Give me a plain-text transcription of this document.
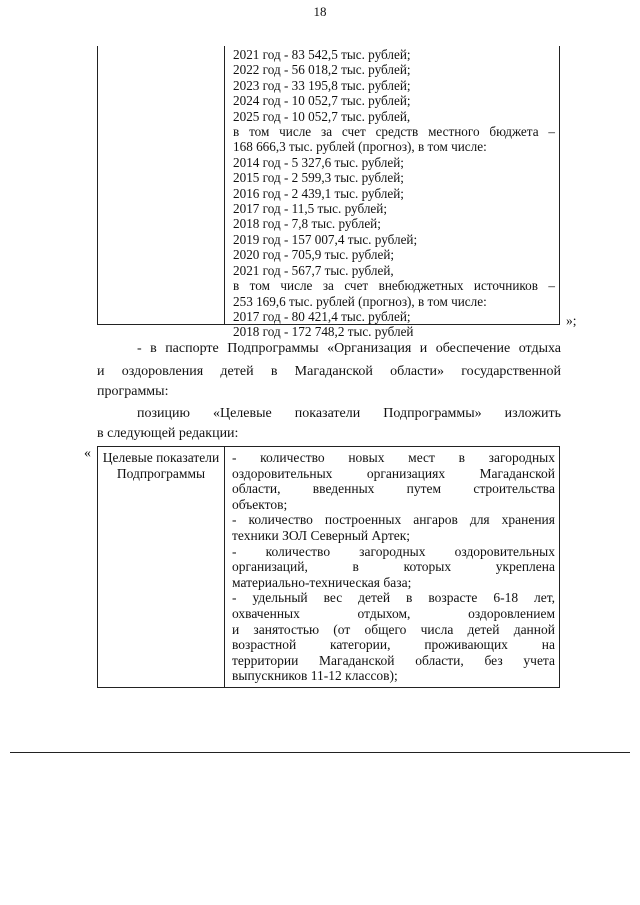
18
2021 год - 83 542,5 тыс. рублей;
2022 год - 56 018,2 тыс. рублей;
2023 год - 33 195,8 тыс. рублей;
2024 год - 10 052,7 тыс. рублей;
2025 год - 10 052,7 тыс. рублей,
в том числе за счет средств местного бюджета –
168 666,3 тыс. рублей (прогноз), в том числе:
2014 год - 5 327,6 тыс. рублей;
2015 год - 2 599,3 тыс. рублей;
2016 год - 2 439,1 тыс. рублей;
2017 год - 11,5 тыс. рублей;
2018 год - 7,8 тыс. рублей;
2019 год - 157 007,4 тыс. рублей;
2020 год - 705,9 тыс. рублей;
2021 год - 567,7 тыс. рублей,
в том числе за счет внебюджетных источников –
253 169,6 тыс. рублей (прогноз), в том числе:
2017 год - 80 421,4 тыс. рублей;
2018 год - 172 748,2 тыс. рублей
»;
- в паспорте Подпрограммы «Организация и обеспечение отдыха
и оздоровления детей в Магаданской области» государственной
программы:
позицию «Целевые показатели Подпрограммы» изложить
в следующей редакции:
« Целевые показатели Подпрограммы
- количество новых мест в загородных
оздоровительных организациях Магаданской
области, введенных путем строительства
объектов;
- количество построенных ангаров для хранения
техники ЗОЛ Северный Артек;
- количество загородных оздоровительных
организаций, в которых укреплена
материально-техническая база;
- удельный вес детей в возрасте 6-18 лет,
охваченных отдыхом, оздоровлением
и занятостью (от общего числа детей данной
возрастной категории, проживающих на
территории Магаданской области, без учета
выпускников 11-12 классов);
